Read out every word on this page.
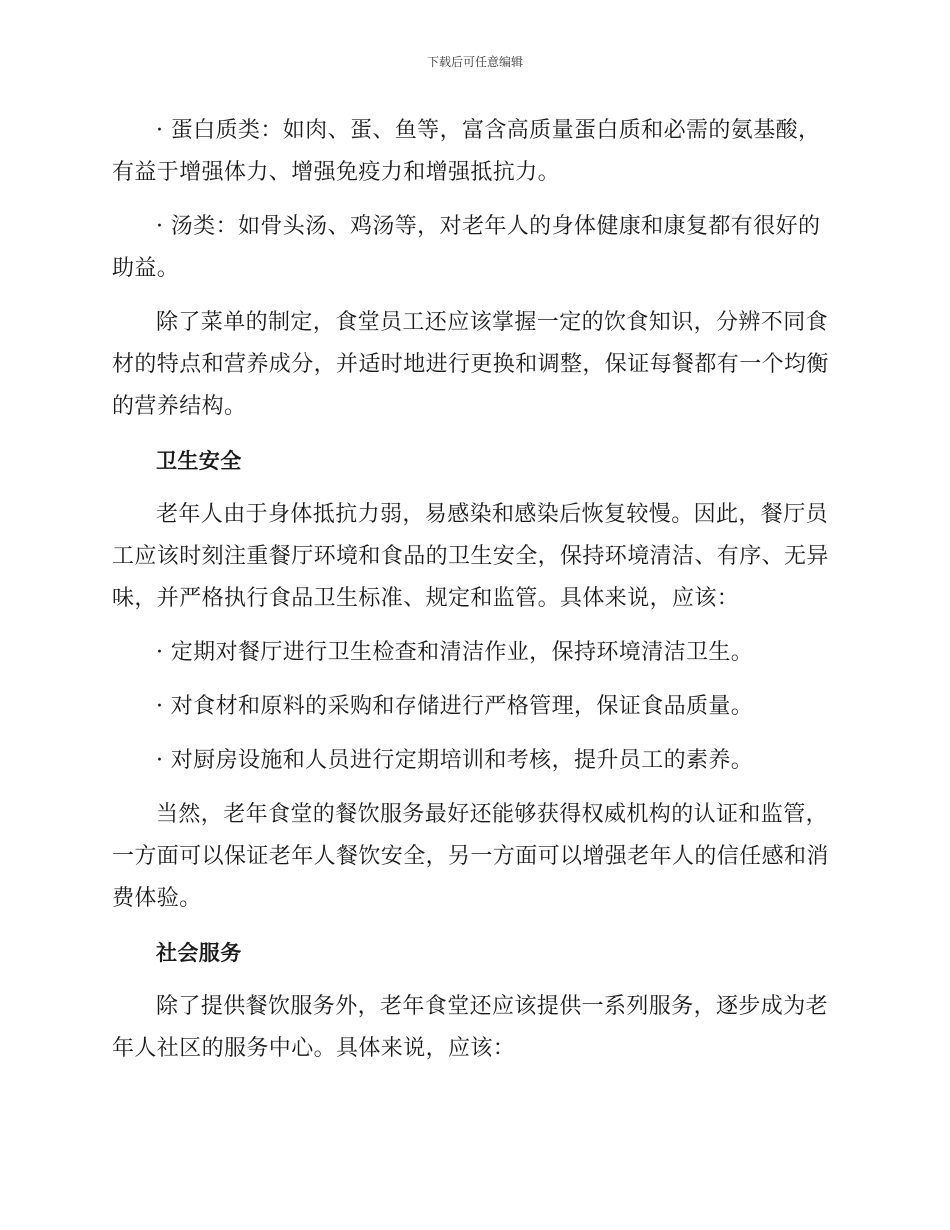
下载后可任意编辑

· 蛋白质类：如肉、蛋、鱼等，富含高质量蛋白质和必需的氨基酸，有益于增强体力、增强免疫力和增强抵抗力。

· 汤类：如骨头汤、鸡汤等，对老年人的身体健康和康复都有很好的助益。

除了菜单的制定，食堂员工还应该掌握一定的饮食知识，分辨不同食材的特点和营养成分，并适时地进行更换和调整，保证每餐都有一个均衡的营养结构。

卫生安全

老年人由于身体抵抗力弱，易感染和感染后恢复较慢。因此，餐厅员工应该时刻注重餐厅环境和食品的卫生安全，保持环境清洁、有序、无异味，并严格执行食品卫生标准、规定和监管。具体来说，应该：

· 定期对餐厅进行卫生检查和清洁作业，保持环境清洁卫生。

· 对食材和原料的采购和存储进行严格管理，保证食品质量。

· 对厨房设施和人员进行定期培训和考核，提升员工的素养。

当然，老年食堂的餐饮服务最好还能够获得权威机构的认证和监管，一方面可以保证老年人餐饮安全，另一方面可以增强老年人的信任感和消费体验。

社会服务

除了提供餐饮服务外，老年食堂还应该提供一系列服务，逐步成为老年人社区的服务中心。具体来说，应该：
